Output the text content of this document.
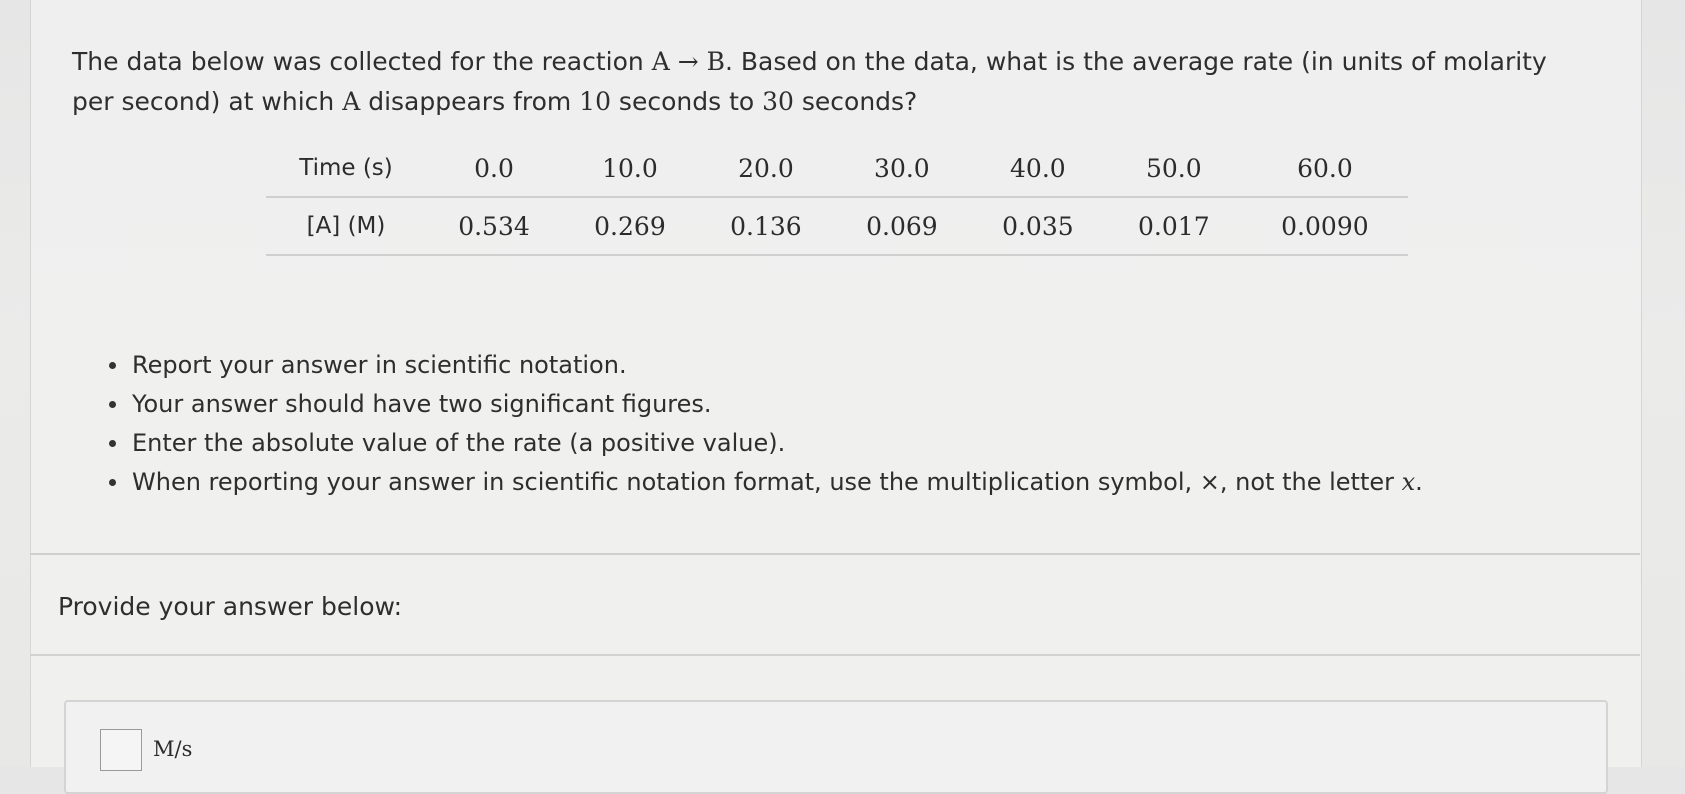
The data below was collected for the reaction A → B. Based on the data, what is the average rate (in units of molarity per second) at which A disappears from 10 seconds to 30 seconds?
Time (s)	0.0	10.0	20.0	30.0	40.0	50.0	60.0
[A] (M)	0.534	0.269	0.136	0.069	0.035	0.017	0.0090
Report your answer in scientific notation.
Your answer should have two significant figures.
Enter the absolute value of the rate (a positive value).
When reporting your answer in scientific notation format, use the multiplication symbol, ×, not the letter x.
Provide your answer below:
M/s
